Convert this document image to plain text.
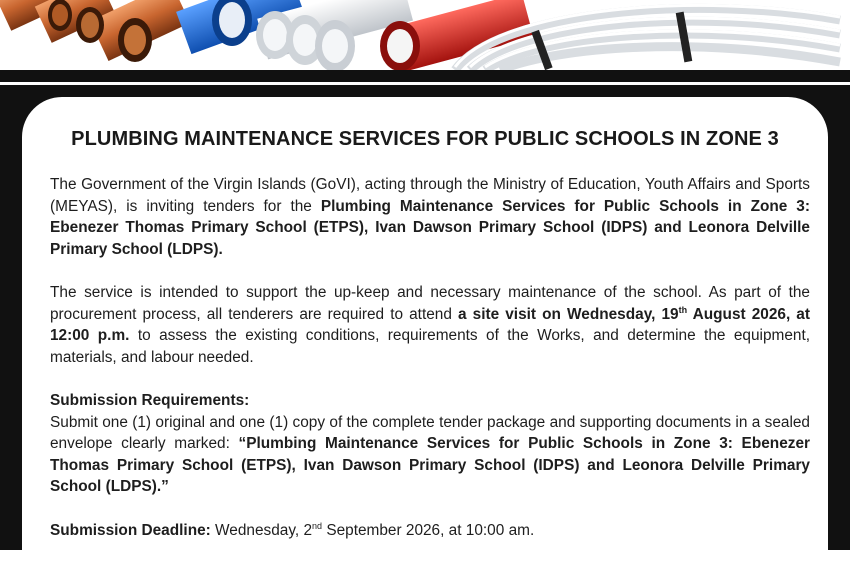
PLUMBING MAINTENANCE SERVICES FOR PUBLIC SCHOOLS IN ZONE 3

The Government of the Virgin Islands (GoVI), acting through the Ministry of Education, Youth Affairs and Sports (MEYAS), is inviting tenders for the Plumbing Maintenance Services for Public Schools in Zone 3: Ebenezer Thomas Primary School (ETPS), Ivan Dawson Primary School (IDPS) and Leonora Delville Primary School (LDPS).

The service is intended to support the up-keep and necessary maintenance of the school. As part of the procurement process, all tenderers are required to attend a site visit on Wednesday, 19th August 2026, at 12:00 p.m. to assess the existing conditions, requirements of the Works, and determine the equipment, materials, and labour needed.

Submission Requirements:
Submit one (1) original and one (1) copy of the complete tender package and supporting documents in a sealed envelope clearly marked: “Plumbing Maintenance Services for Public Schools in Zone 3: Ebenezer Thomas Primary School (ETPS), Ivan Dawson Primary School (IDPS) and Leonora Delville Primary School (LDPS).”

Submission Deadline: Wednesday, 2nd September 2026, at 10:00 am.
